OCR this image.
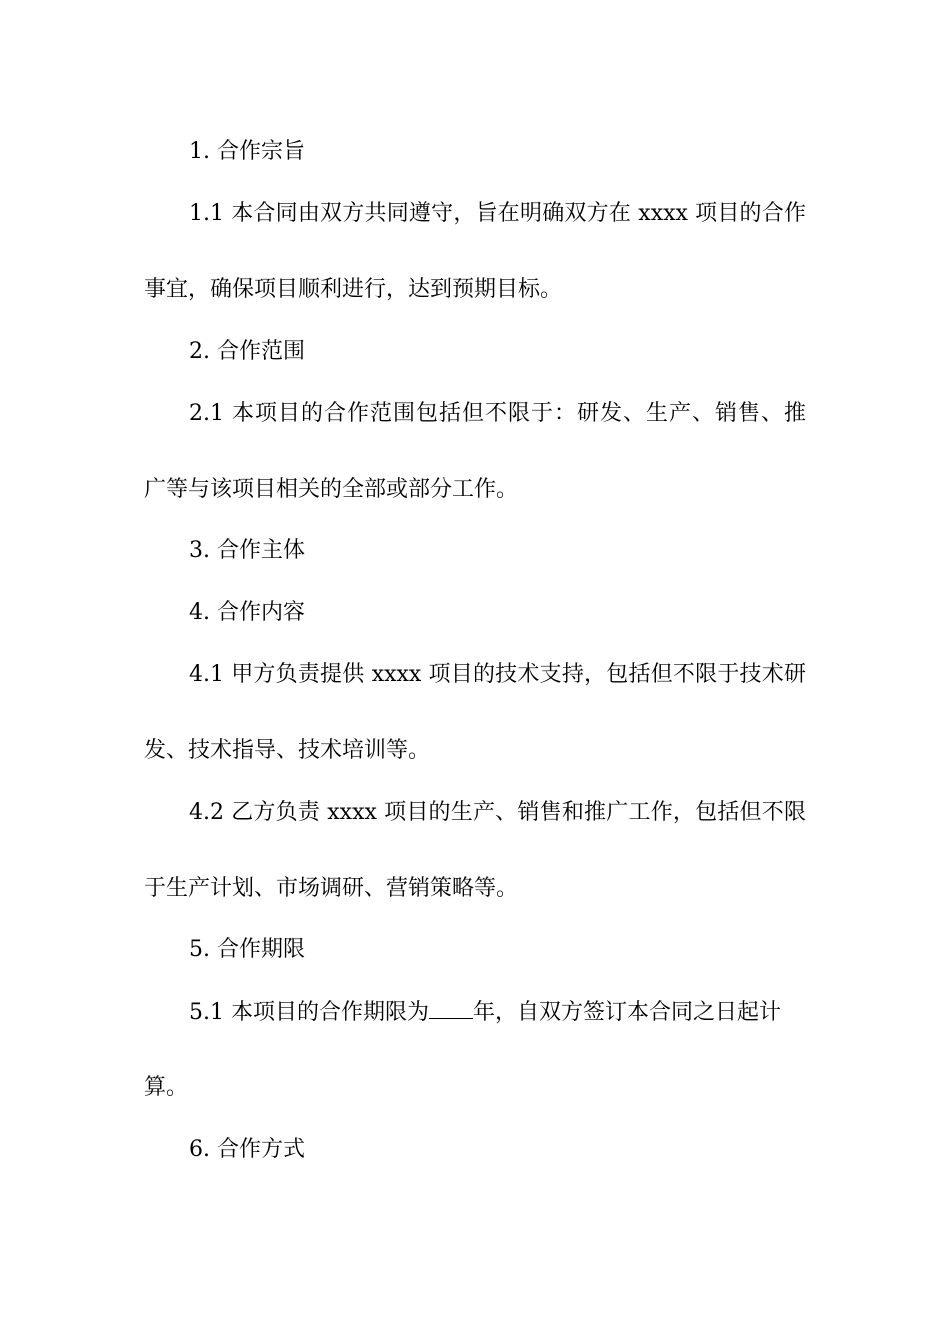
1. 合作宗旨
1.1 本合同由双方共同遵守，旨在明确双方在 xxxx 项目的合作
事宜，确保项目顺利进行，达到预期目标。
2. 合作范围
2.1 本项目的合作范围包括但不限于：研发、生产、销售、推
广等与该项目相关的全部或部分工作。
3. 合作主体
4. 合作内容
4.1 甲方负责提供 xxxx 项目的技术支持，包括但不限于技术研
发、技术指导、技术培训等。
4.2 乙方负责 xxxx 项目的生产、销售和推广工作，包括但不限
于生产计划、市场调研、营销策略等。
5. 合作期限
5.1 本项目的合作期限为 年，自双方签订本合同之日起计
算。
6. 合作方式
